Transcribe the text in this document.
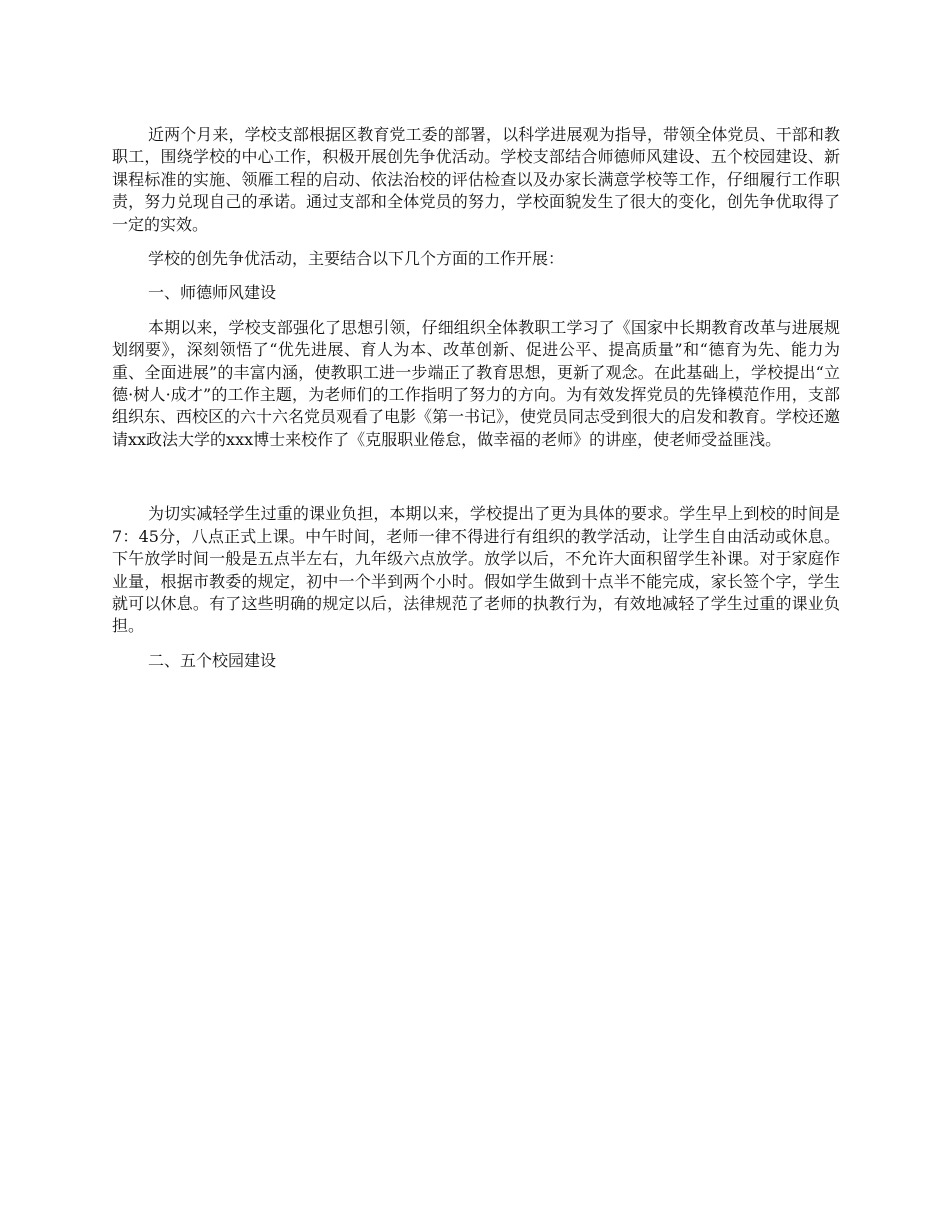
近两个月来，学校支部根据区教育党工委的部署，以科学进展观为指导，带领全体党员、干部和教职工，围绕学校的中心工作，积极开展创先争优活动。学校支部结合师德师风建设、五个校园建设、新课程标准的实施、领雁工程的启动、依法治校的评估检查以及办家长满意学校等工作，仔细履行工作职责，努力兑现自己的承诺。通过支部和全体党员的努力，学校面貌发生了很大的变化，创先争优取得了一定的实效。

学校的创先争优活动，主要结合以下几个方面的工作开展：

一、师德师风建设

本期以来，学校支部强化了思想引领，仔细组织全体教职工学习了《国家中长期教育改革与进展规划纲要》，深刻领悟了“优先进展、育人为本、改革创新、促进公平、提高质量”和“德育为先、能力为重、全面进展”的丰富内涵，使教职工进一步端正了教育思想，更新了观念。在此基础上，学校提出“立德·树人·成才”的工作主题，为老师们的工作指明了努力的方向。为有效发挥党员的先锋模范作用，支部组织东、西校区的六十六名党员观看了电影《第一书记》，使党员同志受到很大的启发和教育。学校还邀请xx政法大学的xxx博士来校作了《克服职业倦怠，做幸福的老师》的讲座，使老师受益匪浅。

为切实减轻学生过重的课业负担，本期以来，学校提出了更为具体的要求。学生早上到校的时间是7：45分，八点正式上课。中午时间，老师一律不得进行有组织的教学活动，让学生自由活动或休息。下午放学时间一般是五点半左右，九年级六点放学。放学以后，不允许大面积留学生补课。对于家庭作业量，根据市教委的规定，初中一个半到两个小时。假如学生做到十点半不能完成，家长签个字，学生就可以休息。有了这些明确的规定以后，法律规范了老师的执教行为，有效地减轻了学生过重的课业负担。

二、五个校园建设
